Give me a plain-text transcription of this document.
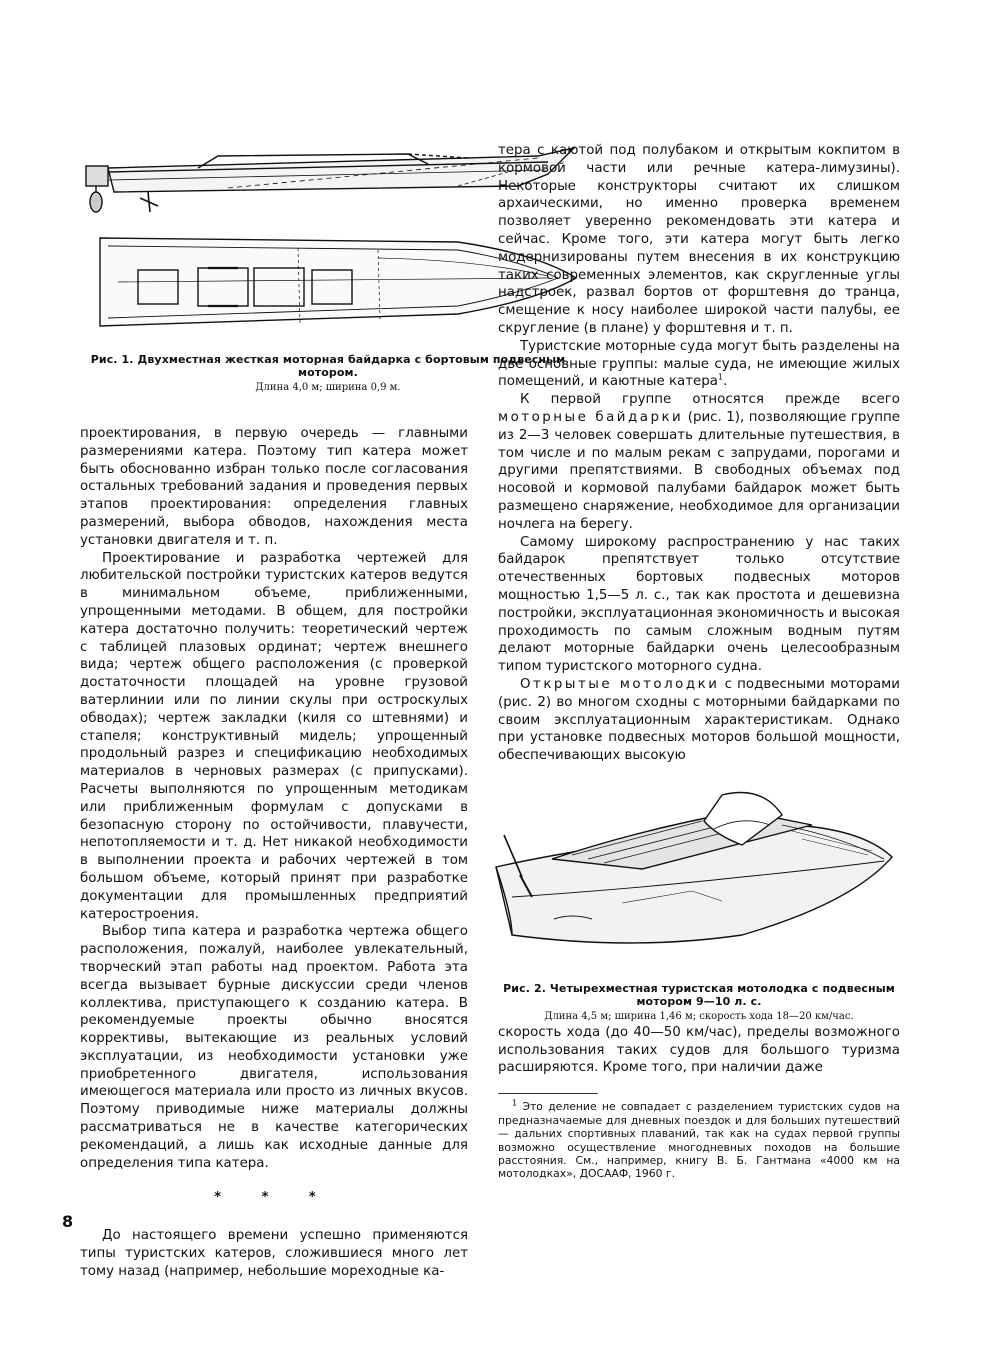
Рис. 1. Двухместная жесткая моторная байдарка с бортовым подвесным мотором.
Длина 4,0 м; ширина 0,9 м.

проектирования, в первую очередь — главными размерениями катера. Поэтому тип катера может быть обоснованно избран только после согласования остальных требований задания и проведения первых этапов проектирования: определения главных размерений, выбора обводов, нахождения места установки двигателя и т. п.

Проектирование и разработка чертежей для любительской постройки туристских катеров ведутся в минимальном объеме, приближенными, упрощенными методами. В общем, для постройки катера достаточно получить: теоретический чертеж с таблицей плазовых ординат; чертеж внешнего вида; чертеж общего расположения (с проверкой достаточности площадей на уровне грузовой ватерлинии или по линии скулы при остроскулых обводах); чертеж закладки (киля со штевнями) и стапеля; конструктивный мидель; упрощенный продольный разрез и спецификацию необходимых материалов в черновых размерах (с припусками). Расчеты выполняются по упрощенным методикам или приближенным формулам с допусками в безопасную сторону по остойчивости, плавучести, непотопляемости и т. д. Нет никакой необходимости в выполнении проекта и рабочих чертежей в том большом объеме, который принят при разработке документации для промышленных предприятий катеростроения.

Выбор типа катера и разработка чертежа общего расположения, пожалуй, наиболее увлекательный, творческий этап работы над проектом. Работа эта всегда вызывает бурные дискуссии среди членов коллектива, приступающего к созданию катера. В рекомендуемые проекты обычно вносятся коррективы, вытекающие из реальных условий эксплуатации, из необходимости установки уже приобретенного двигателя, использования имеющегося материала или просто из личных вкусов. Поэтому приводимые ниже материалы должны рассматриваться не в качестве категорических рекомендаций, а лишь как исходные данные для определения типа катера.

* * *

До настоящего времени успешно применяются типы туристских катеров, сложившиеся много лет тому назад (например, небольшие мореходные ка-

тера с каютой под полубаком и открытым кокпитом в кормовой части или речные катера-лимузины). Некоторые конструкторы считают их слишком архаическими, но именно проверка временем позволяет уверенно рекомендовать эти катера и сейчас. Кроме того, эти катера могут быть легко модернизированы путем внесения в их конструкцию таких современных элементов, как скругленные углы надстроек, развал бортов от форштевня до транца, смещение к носу наиболее широкой части палубы, ее скругление (в плане) у форштевня и т. п.

Туристские моторные суда могут быть разделены на две основные группы: малые суда, не имеющие жилых помещений, и каютные катера$^1$.

К первой группе относятся прежде всего моторные байдарки (рис. 1), позволяющие группе из 2—3 человек совершать длительные путешествия, в том числе и по малым рекам с запрудами, порогами и другими препятствиями. В свободных объемах под носовой и кормовой палубами байдарок может быть размещено снаряжение, необходимое для организации ночлега на берегу.

Самому широкому распространению у нас таких байдарок препятствует только отсутствие отечественных бортовых подвесных моторов мощностью 1,5—5 л. с., так как простота и дешевизна постройки, эксплуатационная экономичность и высокая проходимость по самым сложным водным путям делают моторные байдарки очень целесообразным типом туристского моторного судна.

Открытые мотолодки с подвесными моторами (рис. 2) во многом сходны с моторными байдарками по своим эксплуатационным характеристикам. Однако при установке подвесных моторов большой мощности, обеспечивающих высокую

Рис. 2. Четырехместная туристская мотолодка с подвесным мотором 9—10 л. с.
Длина 4,5 м; ширина 1,46 м; скорость хода 18—20 км/час.

скорость хода (до 40—50 км/час), пределы возможного использования таких судов для большого туризма расширяются. Кроме того, при наличии даже

$^1$ Это деление не совпадает с разделением туристских судов на предназначаемые для дневных поездок и для больших путешествий — дальних спортивных плаваний, так как на судах первой группы возможно осуществление многодневных походов на большие расстояния. См., например, книгу В. Б. Гантмана «4000 км на мотолодках», ДОСААФ, 1960 г.

8
